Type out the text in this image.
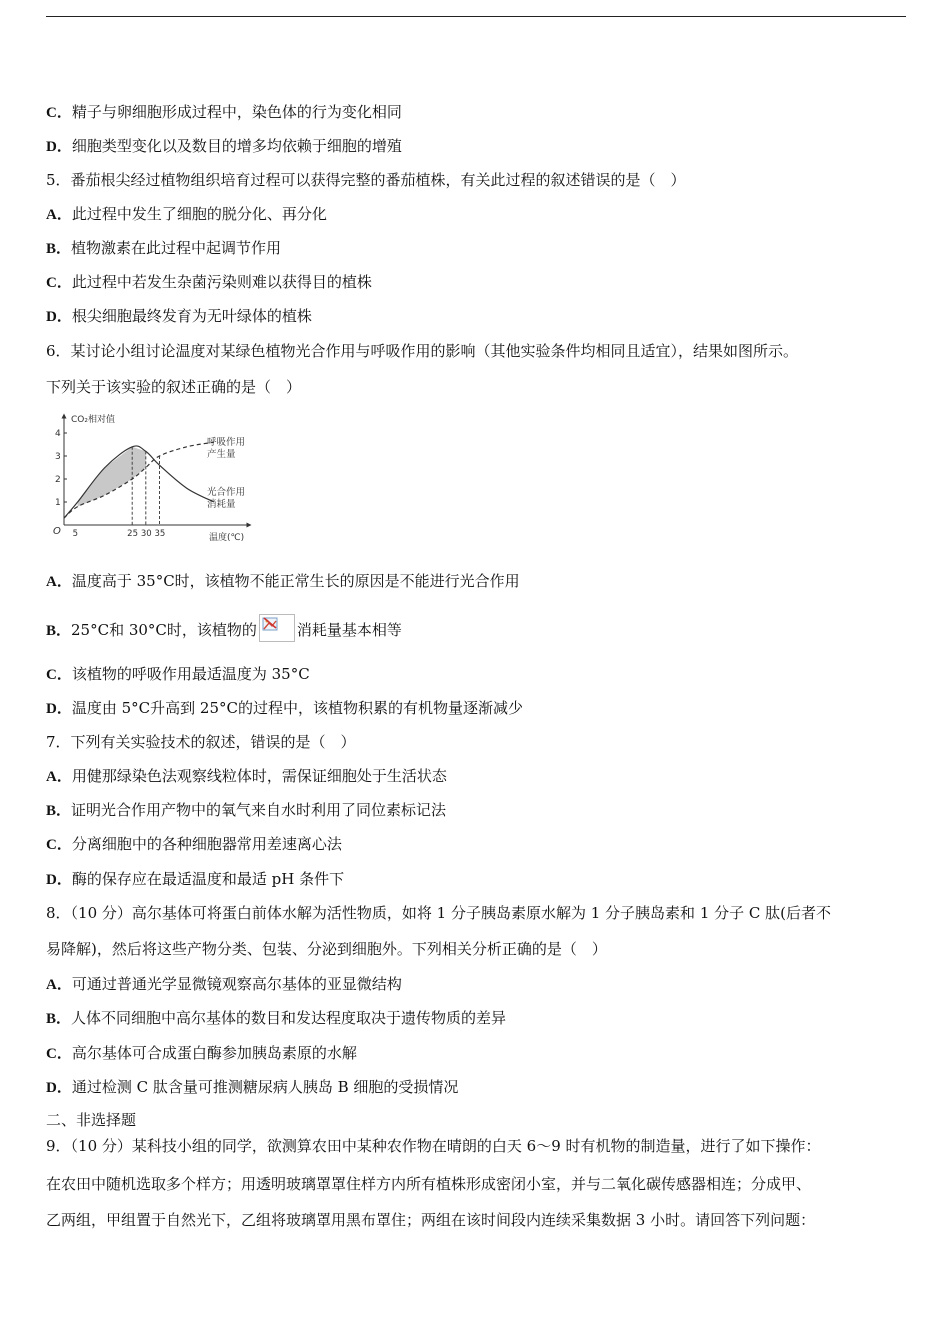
C．精子与卵细胞形成过程中，染色体的行为变化相同
D．细胞类型变化以及数目的增多均依赖于细胞的增殖
5．番茄根尖经过植物组织培育过程可以获得完整的番茄植株，有关此过程的叙述错误的是（　）
A．此过程中发生了细胞的脱分化、再分化
B．植物激素在此过程中起调节作用
C．此过程中若发生杂菌污染则难以获得目的植株
D．根尖细胞最终发育为无叶绿体的植株
6．某讨论小组讨论温度对某绿色植物光合作用与呼吸作用的影响（其他实验条件均相同且适宜），结果如图所示。
下列关于该实验的叙述正确的是（　）
CO₂相对值
温度(℃)
O
1
2
3
4
5	25 30 35
呼吸作用
产生量
光合作用
消耗量
A．温度高于 35°C时，该植物不能正常生长的原因是不能进行光合作用
B．25°C和 30°C时，该植物的	消耗量基本相等
C．该植物的呼吸作用最适温度为 35°C
D．温度由 5°C升高到 25°C的过程中，该植物积累的有机物量逐渐减少
7．下列有关实验技术的叙述，错误的是（　）
A．用健那绿染色法观察线粒体时，需保证细胞处于生活状态
B．证明光合作用产物中的氧气来自水时利用了同位素标记法
C．分离细胞中的各种细胞器常用差速离心法
D．酶的保存应在最适温度和最适 pH 条件下
8．（10 分）高尔基体可将蛋白前体水解为活性物质，如将 1 分子胰岛素原水解为 1 分子胰岛素和 1 分子 C 肽(后者不
易降解)，然后将这些产物分类、包装、分泌到细胞外。下列相关分析正确的是（　）
A．可通过普通光学显微镜观察高尔基体的亚显微结构
B．人体不同细胞中高尔基体的数目和发达程度取决于遗传物质的差异
C．高尔基体可合成蛋白酶参加胰岛素原的水解
D．通过检测 C 肽含量可推测糖尿病人胰岛 B 细胞的受损情况
二、非选择题
9．（10 分）某科技小组的同学，欲测算农田中某种农作物在晴朗的白天 6～9 时有机物的制造量，进行了如下操作：
在农田中随机选取多个样方；用透明玻璃罩罩住样方内所有植株形成密闭小室，并与二氧化碳传感器相连；分成甲、
乙两组，甲组置于自然光下，乙组将玻璃罩用黑布罩住；两组在该时间段内连续采集数据 3 小时。请回答下列问题：
